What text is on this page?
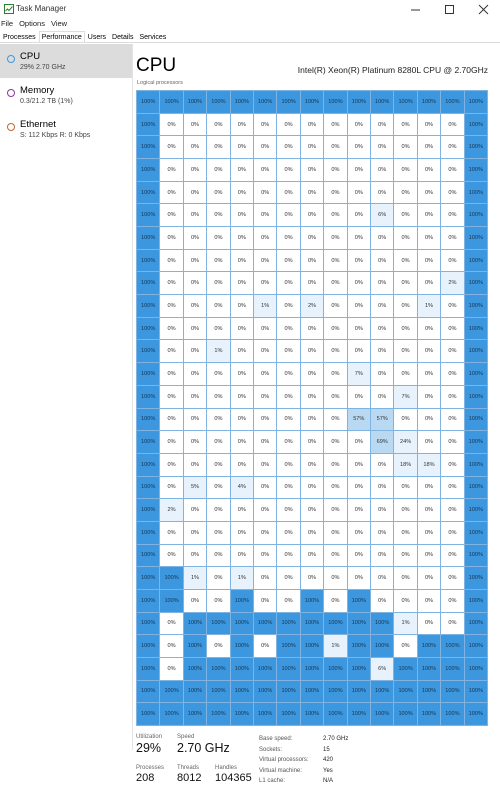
Task Manager
File Options View
Processes Performance Users Details Services
CPU
29% 2.70 GHz
Memory
0.3/21.2 TB (1%)
Ethernet
S: 112 Kbps R: 0 Kbps
CPU	Intel(R) Xeon(R) Platinum 8280L CPU @ 2.70GHz
Logical processors
100%	100%	100%	100%	100%	100%	100%	100%	100%	100%	100%	100%	100%	100%	100%
100%	0%	0%	0%	0%	0%	0%	0%	0%	0%	0%	0%	0%	0%	100%
100%	0%	0%	0%	0%	0%	0%	0%	0%	0%	0%	0%	0%	0%	100%
100%	0%	0%	0%	0%	0%	0%	0%	0%	0%	0%	0%	0%	0%	100%
100%	0%	0%	0%	0%	0%	0%	0%	0%	0%	0%	0%	0%	0%	100%
100%	0%	0%	0%	0%	0%	0%	0%	0%	0%	6%	0%	0%	0%	100%
100%	0%	0%	0%	0%	0%	0%	0%	0%	0%	0%	0%	0%	0%	100%
100%	0%	0%	0%	0%	0%	0%	0%	0%	0%	0%	0%	0%	0%	100%
100%	0%	0%	0%	0%	0%	0%	0%	0%	0%	0%	0%	0%	2%	100%
100%	0%	0%	0%	0%	1%	0%	2%	0%	0%	0%	0%	1%	0%	100%
100%	0%	0%	0%	0%	0%	0%	0%	0%	0%	0%	0%	0%	0%	100%
100%	0%	0%	1%	0%	0%	0%	0%	0%	0%	0%	0%	0%	0%	100%
100%	0%	0%	0%	0%	0%	0%	0%	0%	7%	0%	0%	0%	0%	100%
100%	0%	0%	0%	0%	0%	0%	0%	0%	0%	0%	7%	0%	0%	100%
100%	0%	0%	0%	0%	0%	0%	0%	0%	57%	57%	0%	0%	0%	100%
100%	0%	0%	0%	0%	0%	0%	0%	0%	0%	69%	24%	0%	0%	100%
100%	0%	0%	0%	0%	0%	0%	0%	0%	0%	0%	18%	18%	0%	100%
100%	0%	5%	0%	4%	0%	0%	0%	0%	0%	0%	0%	0%	0%	100%
100%	2%	0%	0%	0%	0%	0%	0%	0%	0%	0%	0%	0%	0%	100%
100%	0%	0%	0%	0%	0%	0%	0%	0%	0%	0%	0%	0%	0%	100%
100%	0%	0%	0%	0%	0%	0%	0%	0%	0%	0%	0%	0%	0%	100%
100%	100%	1%	0%	1%	0%	0%	0%	0%	0%	0%	0%	0%	0%	100%
100%	100%	0%	0%	100%	0%	0%	100%	0%	100%	0%	0%	0%	0%	100%
100%	0%	100%	100%	100%	100%	100%	100%	100%	100%	100%	1%	0%	0%	100%
100%	0%	100%	0%	100%	0%	100%	100%	1%	100%	100%	0%	100%	100%	100%
100%	0%	100%	100%	100%	100%	100%	100%	100%	100%	6%	100%	100%	100%	100%
100%	100%	100%	100%	100%	100%	100%	100%	100%	100%	100%	100%	100%	100%	100%
100%	100%	100%	100%	100%	100%	100%	100%	100%	100%	100%	100%	100%	100%	100%
Utilization
29%
Speed
2.70 GHz
Processes
208
Threads
8012
Handles
104365
Base speed:	2.70 GHz
Sockets:	15
Virtual processors:	420
Virtual machine:	Yes
L1 cache:	N/A
